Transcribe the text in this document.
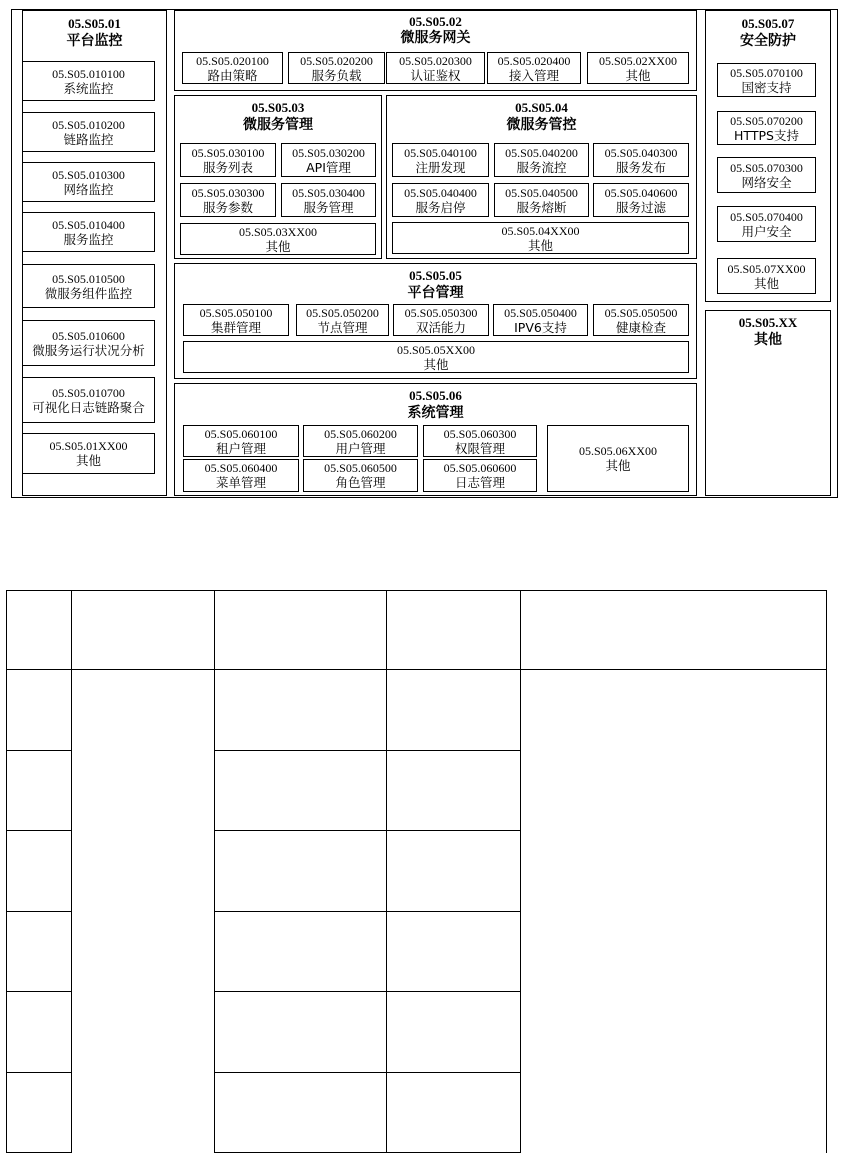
05.S05.01
平台监控
05.S05.010100
系统监控
05.S05.010200
链路监控
05.S05.010300
网络监控
05.S05.010400
服务监控
05.S05.010500
微服务组件监控
05.S05.010600
微服务运行状况分析
05.S05.010700
可视化日志链路聚合
05.S05.01XX00
其他
05.S05.02
微服务网关
05.S05.020100
路由策略
05.S05.020200
服务负载
05.S05.020300
认证鉴权
05.S05.020400
接入管理
05.S05.02XX00
其他
05.S05.03
微服务管理
05.S05.030100
服务列表
05.S05.030200
API管理
05.S05.030300
服务参数
05.S05.030400
服务管理
05.S05.03XX00
其他
05.S05.04
微服务管控
05.S05.040100
注册发现
05.S05.040200
服务流控
05.S05.040300
服务发布
05.S05.040400
服务启停
05.S05.040500
服务熔断
05.S05.040600
服务过滤
05.S05.04XX00
其他
05.S05.05
平台管理
05.S05.050100
集群管理
05.S05.050200
节点管理
05.S05.050300
双活能力
05.S05.050400
IPV6支持
05.S05.050500
健康检查
05.S05.05XX00
其他
05.S05.06
系统管理
05.S05.060100
租户管理
05.S05.060200
用户管理
05.S05.060300
权限管理
05.S05.060400
菜单管理
05.S05.060500
角色管理
05.S05.060600
日志管理
05.S05.06XX00
其他
05.S05.07
安全防护
05.S05.070100
国密支持
05.S05.070200
HTTPS支持
05.S05.070300
网络安全
05.S05.070400
用户安全
05.S05.07XX00
其他
05.S05.XX
其他
